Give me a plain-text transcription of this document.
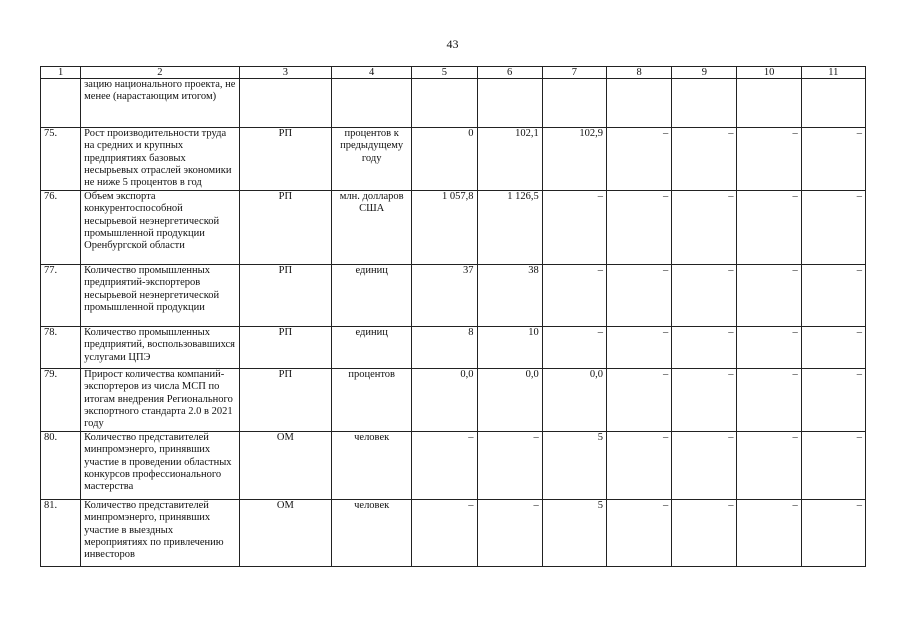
43
1	2	3	4	5	6	7	8	9	10	11
	зацию национального проекта, не менее (нарастающим итогом)									
75.	Рост производительности труда на средних и крупных предприятиях базовых несырьевых отраслей экономики не ниже 5 процентов в год	РП	процентов к предыдущему году	0	102,1	102,9	–	–	–	–
76.	Объем экспорта конкурентоспособной несырьевой неэнергетической промышленной продукции Оренбургской области	РП	млн. долларов США	1 057,8	1 126,5	–	–	–	–	–
77.	Количество промышленных предприятий-экспортеров несырьевой неэнергетической промышленной продукции	РП	единиц	37	38	–	–	–	–	–
78.	Количество промышленных предприятий, воспользовавшихся услугами ЦПЭ	РП	единиц	8	10	–	–	–	–	–
79.	Прирост количества компаний-экспортеров из числа МСП по итогам внедрения Регионального экспортного стандарта 2.0 в 2021 году	РП	процентов	0,0	0,0	0,0	–	–	–	–
80.	Количество представителей минпромэнерго, принявших участие в проведении областных конкурсов профессионального мастерства	ОМ	человек	–	–	5	–	–	–	–
81.	Количество представителей минпромэнерго, принявших участие в выездных мероприятиях по привлечению инвесторов	ОМ	человек	–	–	5	–	–	–	–
